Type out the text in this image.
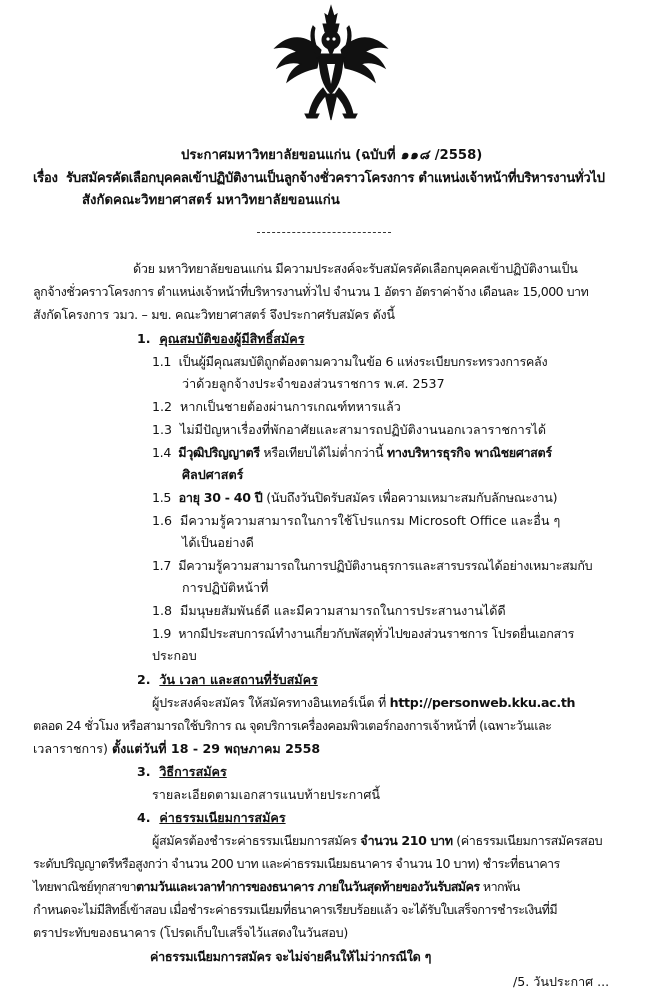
ประกาศมหาวิทยาลัยขอนแก่น (ฉบับที่ ๑๑๘ /2558)
เรื่อง รับสมัครคัดเลือกบุคคลเข้าปฏิบัติงานเป็นลูกจ้างชั่วคราวโครงการ ตำแหน่งเจ้าหน้าที่บริหารงานทั่วไป
สังกัดคณะวิทยาศาสตร์ มหาวิทยาลัยขอนแก่น
ด้วย มหาวิทยาลัยขอนแก่น มีความประสงค์จะรับสมัครคัดเลือกบุคคลเข้าปฏิบัติงานเป็น
ลูกจ้างชั่วคราวโครงการ ตำแหน่งเจ้าหน้าที่บริหารงานทั่วไป จำนวน 1 อัตรา อัตราค่าจ้าง เดือนละ 15,000 บาท
สังกัดโครงการ วมว. – มข. คณะวิทยาศาสตร์ จึงประกาศรับสมัคร ดังนี้
1. คุณสมบัติของผู้มีสิทธิ์สมัคร
1.1 เป็นผู้มีคุณสมบัติถูกต้องตามความในข้อ 6 แห่งระเบียบกระทรวงการคลัง
ว่าด้วยลูกจ้างประจำของส่วนราชการ พ.ศ. 2537
1.2 หากเป็นชายต้องผ่านการเกณฑ์ทหารแล้ว
1.3 ไม่มีปัญหาเรื่องที่พักอาศัยและสามารถปฏิบัติงานนอกเวลาราชการได้
1.4 มีวุฒิปริญญาตรี หรือเทียบได้ไม่ต่ำกว่านี้ ทางบริหารธุรกิจ พาณิชยศาสตร์
ศิลปศาสตร์
1.5 อายุ 30 - 40 ปี (นับถึงวันปิดรับสมัคร เพื่อความเหมาะสมกับลักษณะงาน)
1.6 มีความรู้ความสามารถในการใช้โปรแกรม Microsoft Office และอื่น ๆ
ได้เป็นอย่างดี
1.7 มีความรู้ความสามารถในการปฏิบัติงานธุรการและสารบรรณได้อย่างเหมาะสมกับ
การปฏิบัติหน้าที่
1.8 มีมนุษยสัมพันธ์ดี และมีความสามารถในการประสานงานได้ดี
1.9 หากมีประสบการณ์ทำงานเกี่ยวกับพัสดุทั่วไปของส่วนราชการ โปรดยื่นเอกสาร
ประกอบ
2. วัน เวลา และสถานที่รับสมัคร
ผู้ประสงค์จะสมัคร ให้สมัครทางอินเทอร์เน็ต ที่ http://personweb.kku.ac.th
ตลอด 24 ชั่วโมง หรือสามารถใช้บริการ ณ จุดบริการเครื่องคอมพิวเตอร์กองการเจ้าหน้าที่ (เฉพาะวันและ
เวลาราชการ) ตั้งแต่วันที่ 18 - 29 พฤษภาคม 2558
3. วิธีการสมัคร
รายละเอียดตามเอกสารแนบท้ายประกาศนี้
4. ค่าธรรมเนียมการสมัคร
ผู้สมัครต้องชำระค่าธรรมเนียมการสมัคร จำนวน 210 บาท (ค่าธรรมเนียมการสมัครสอบ
ระดับปริญญาตรีหรือสูงกว่า จำนวน 200 บาท และค่าธรรมเนียมธนาคาร จำนวน 10 บาท) ชำระที่ธนาคาร
ไทยพาณิชย์ทุกสาขาตามวันและเวลาทำการของธนาคาร ภายในวันสุดท้ายของวันรับสมัคร หากพ้น
กำหนดจะไม่มีสิทธิ์เข้าสอบ เมื่อชำระค่าธรรมเนียมที่ธนาคารเรียบร้อยแล้ว จะได้รับใบเสร็จการชำระเงินที่มี
ตราประทับของธนาคาร (โปรดเก็บใบเสร็จไว้แสดงในวันสอบ)
ค่าธรรมเนียมการสมัคร จะไม่จ่ายคืนให้ไม่ว่ากรณีใด ๆ
/5. วันประกาศ ...
